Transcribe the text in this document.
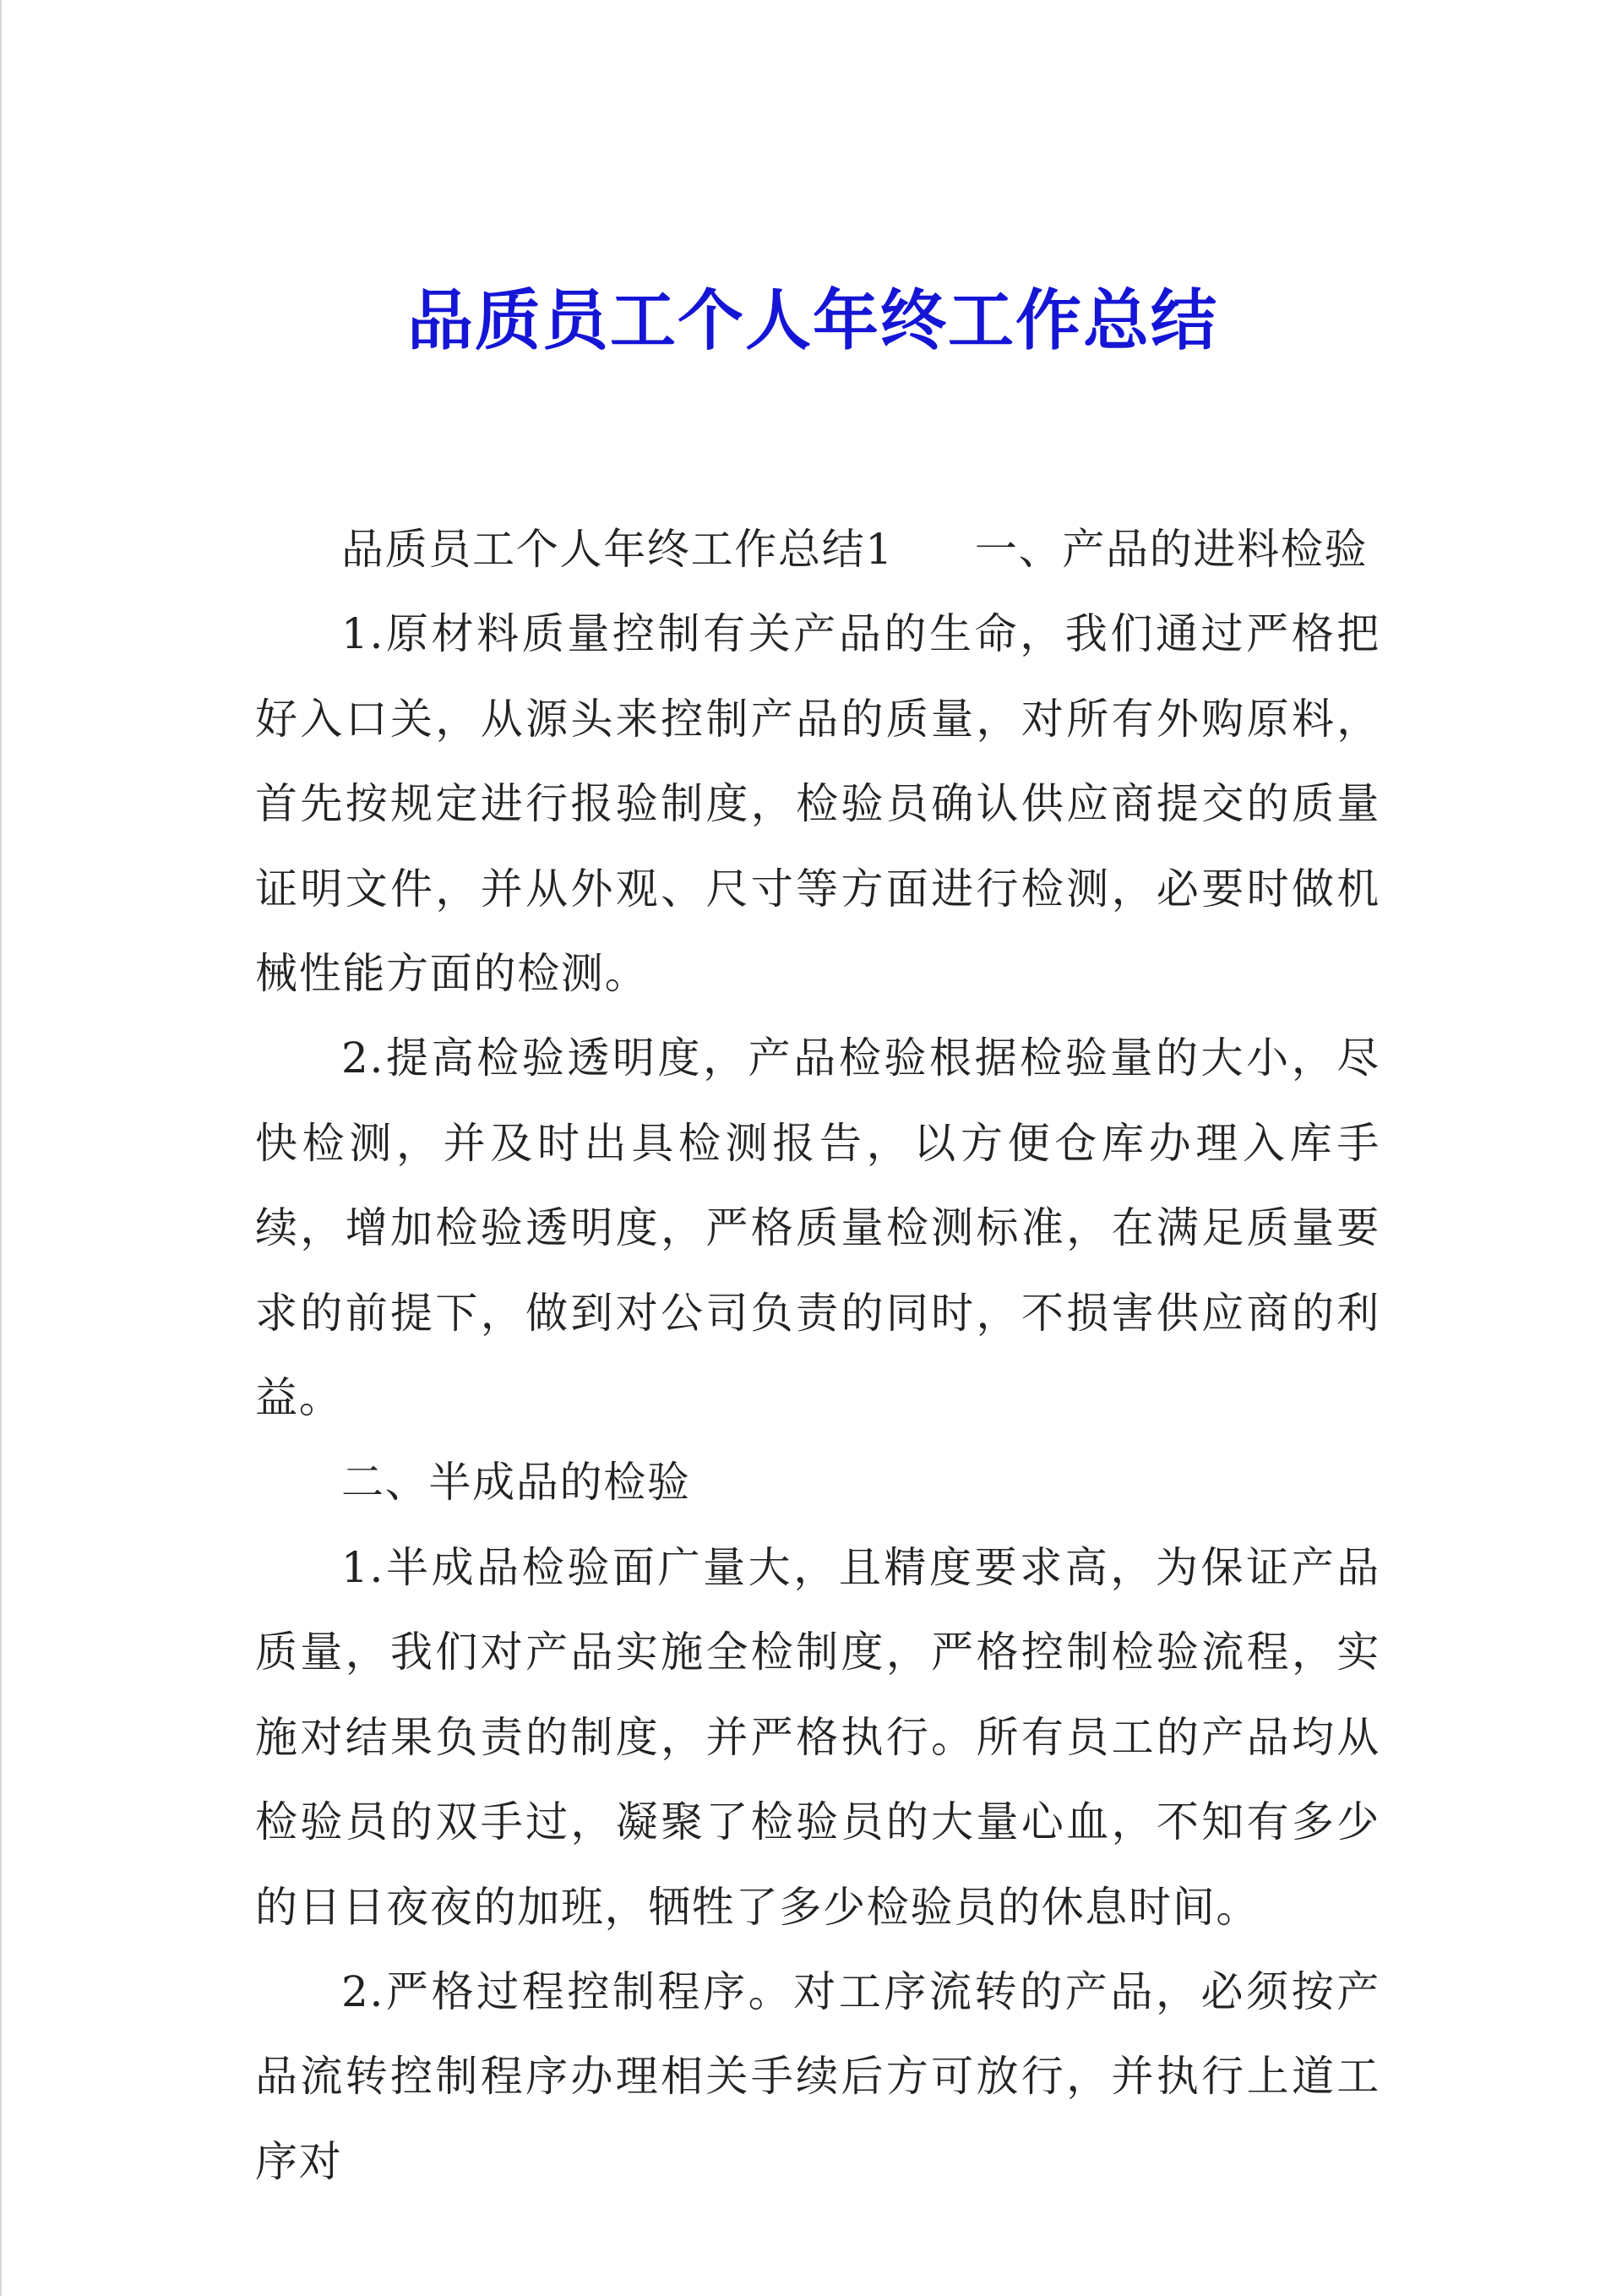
品质员工个人年终工作总结

品质员工个人年终工作总结1 一、产品的进料检验

1.原材料质量控制有关产品的生命，我们通过严格把好入口关，从源头来控制产品的质量，对所有外购原料，首先按规定进行报验制度，检验员确认供应商提交的质量证明文件，并从外观、尺寸等方面进行检测，必要时做机械性能方面的检测。

2.提高检验透明度，产品检验根据检验量的大小，尽快检测，并及时出具检测报告，以方便仓库办理入库手续，增加检验透明度，严格质量检测标准，在满足质量要求的前提下，做到对公司负责的同时，不损害供应商的利益。

二、半成品的检验

1.半成品检验面广量大，且精度要求高，为保证产品质量，我们对产品实施全检制度，严格控制检验流程，实施对结果负责的制度，并严格执行。所有员工的产品均从检验员的双手过，凝聚了检验员的大量心血，不知有多少的日日夜夜的加班，牺牲了多少检验员的休息时间。

2.严格过程控制程序。对工序流转的产品，必须按产品流转控制程序办理相关手续后方可放行，并执行上道工序对
